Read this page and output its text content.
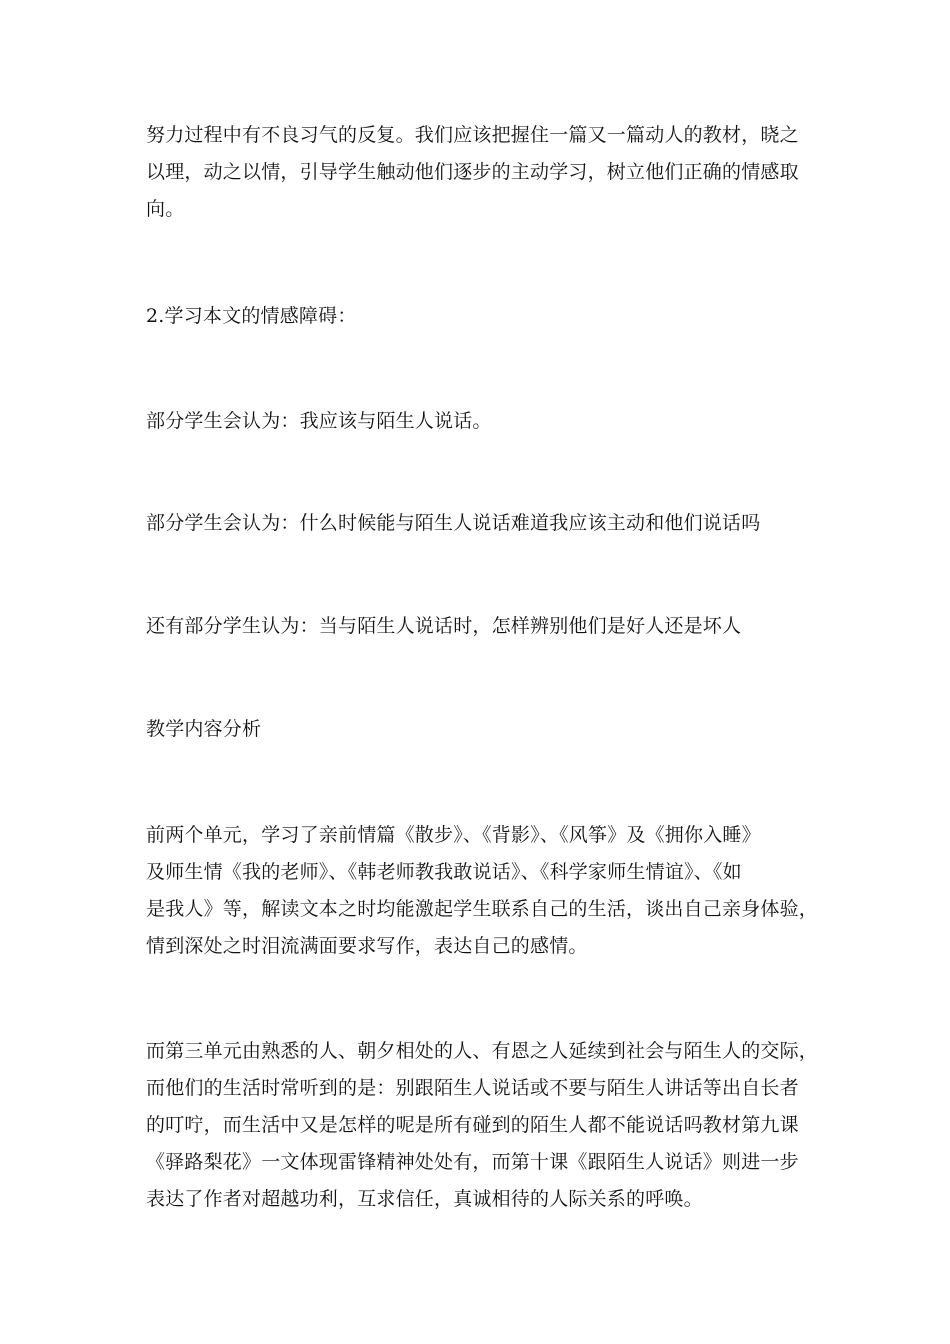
努力过程中有不良习气的反复。我们应该把握住一篇又一篇动人的教材，晓之
以理，动之以情，引导学生触动他们逐步的主动学习，树立他们正确的情感取
向。
2.学习本文的情感障碍：
部分学生会认为：我应该与陌生人说话。
部分学生会认为：什么时候能与陌生人说话难道我应该主动和他们说话吗
还有部分学生认为：当与陌生人说话时，怎样辨别他们是好人还是坏人
教学内容分析
前两个单元，学习了亲前情篇《散步》、《背影》、《风筝》及《拥你入睡》
及师生情《我的老师》、《韩老师教我敢说话》、《科学家师生情谊》、《如
是我人》等，解读文本之时均能激起学生联系自己的生活，谈出自己亲身体验，
情到深处之时泪流满面要求写作，表达自己的感情。
而第三单元由熟悉的人、朝夕相处的人、有恩之人延续到社会与陌生人的交际，
而他们的生活时常听到的是：别跟陌生人说话或不要与陌生人讲话等出自长者
的叮咛，而生活中又是怎样的呢是所有碰到的陌生人都不能说话吗教材第九课
《驿路梨花》一文体现雷锋精神处处有，而第十课《跟陌生人说话》则进一步
表达了作者对超越功利，互求信任，真诚相待的人际关系的呼唤。
